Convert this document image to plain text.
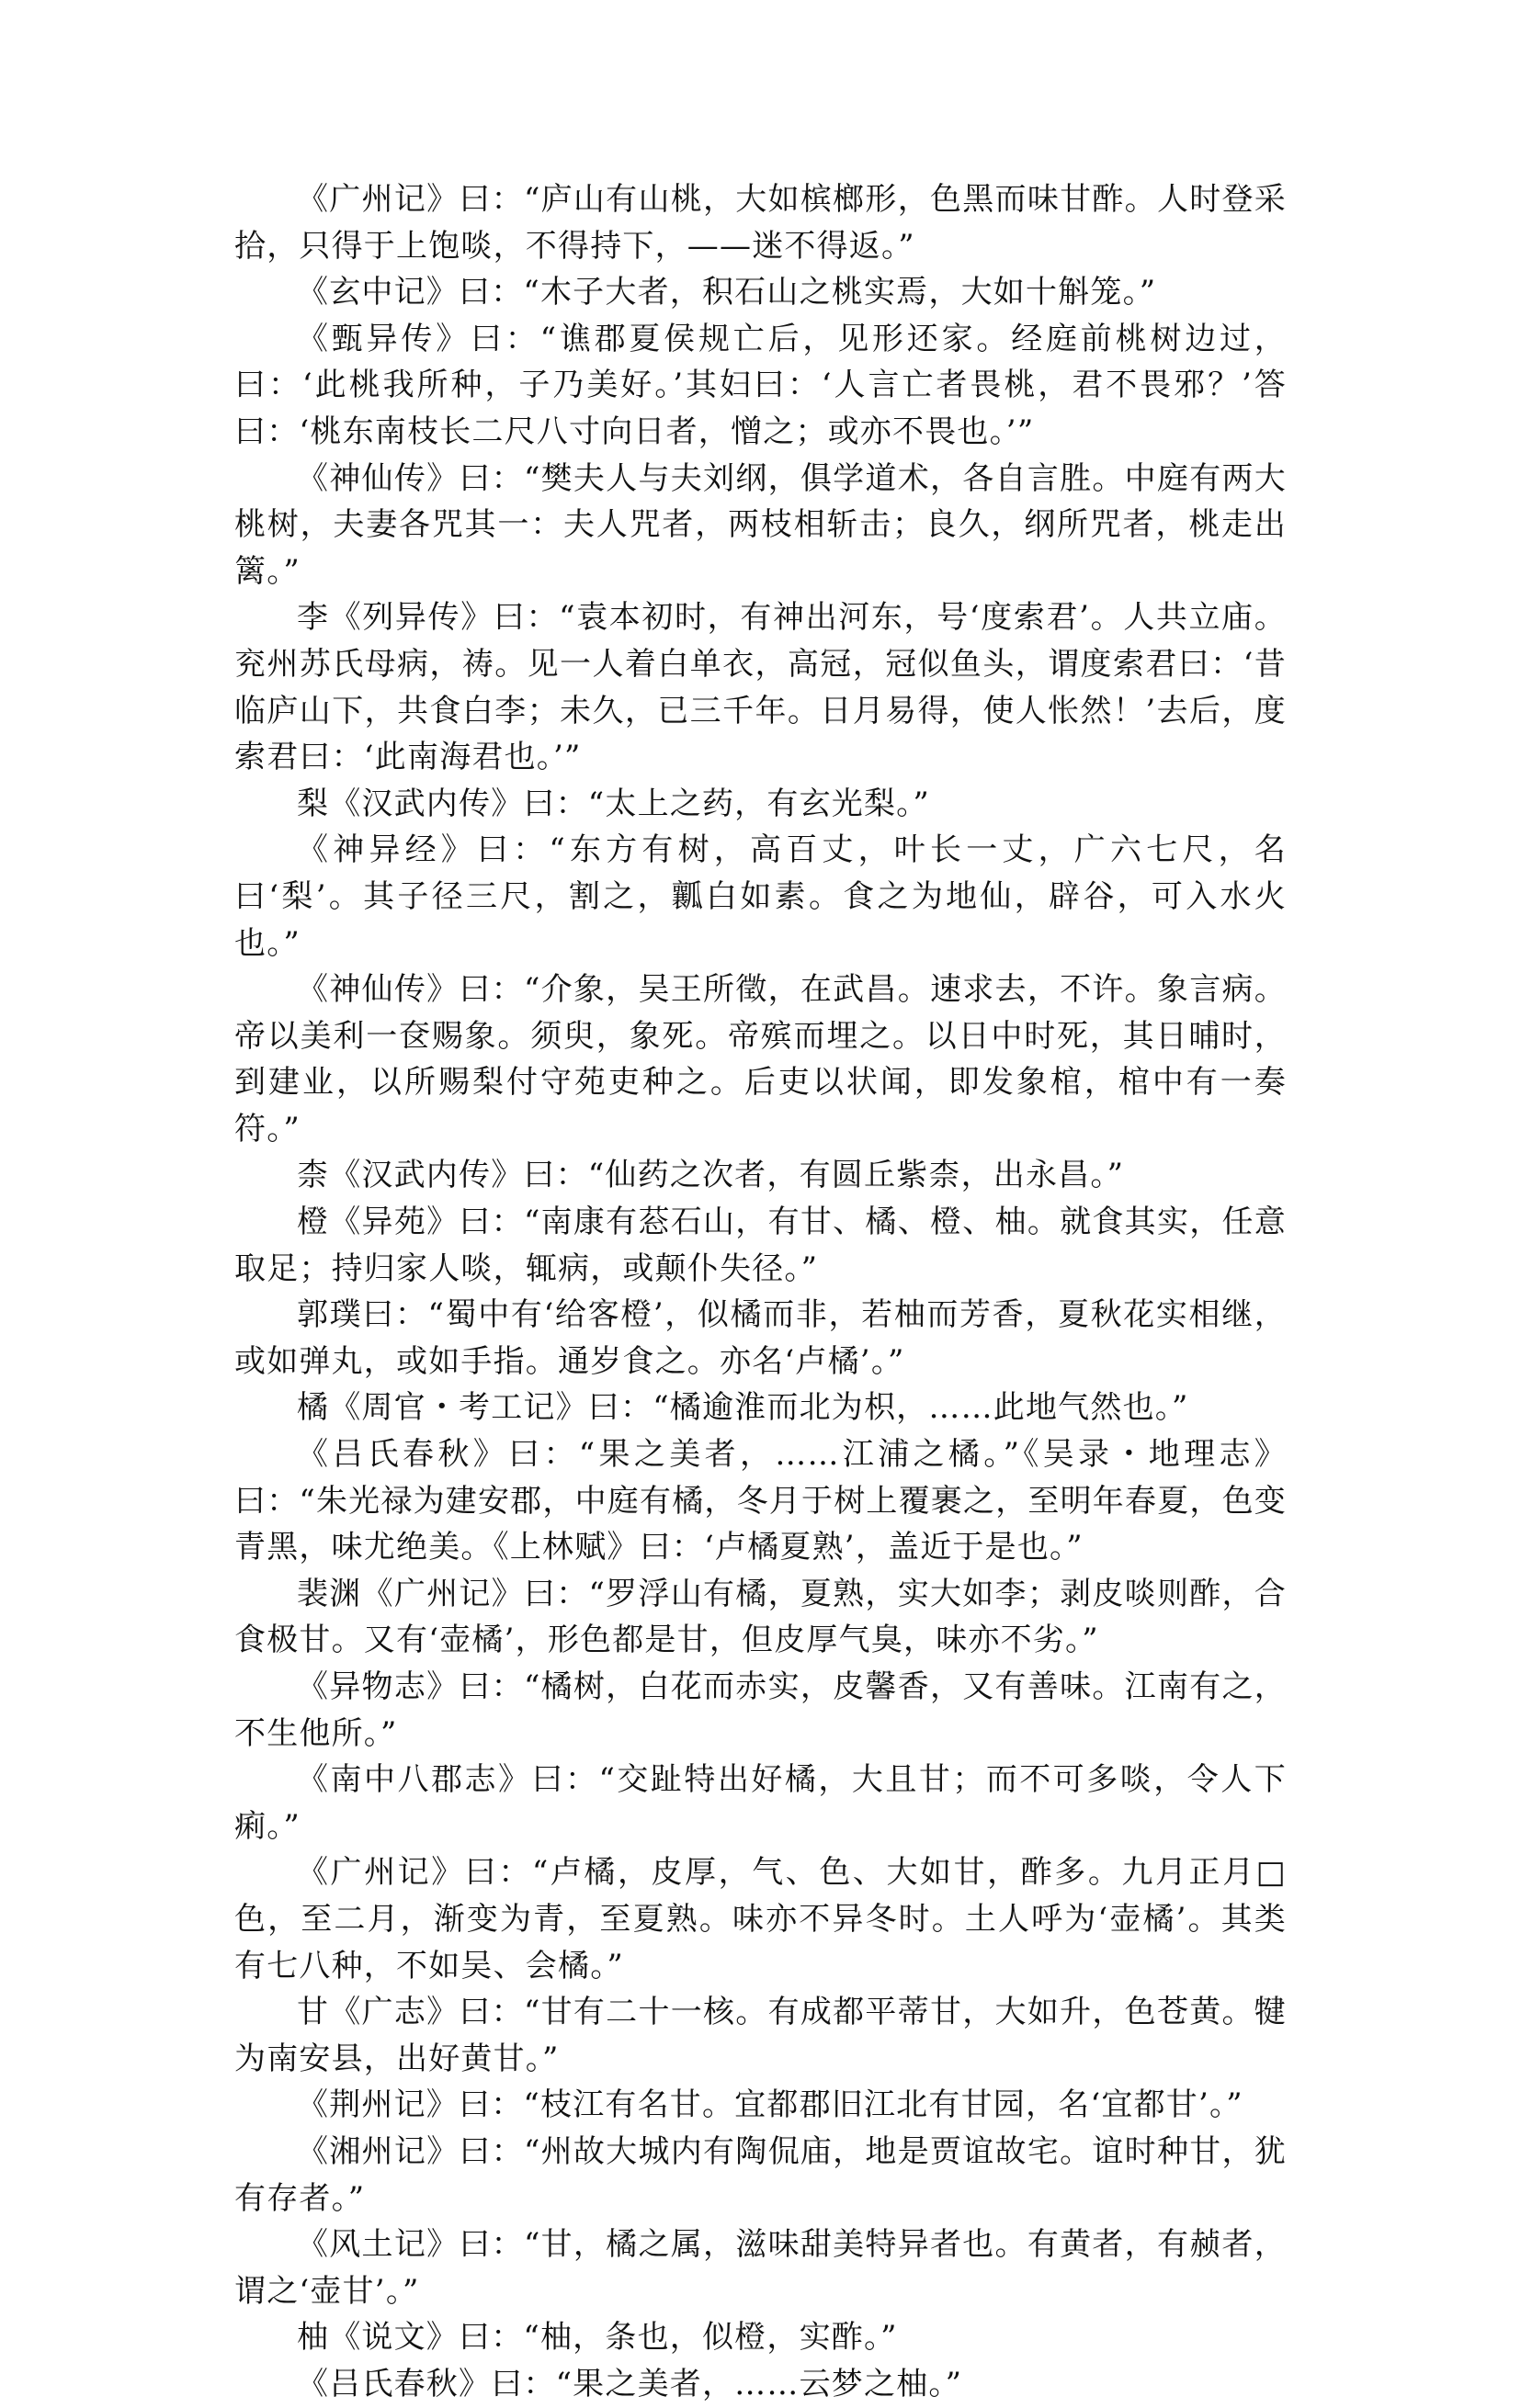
《广州记》曰：“庐山有山桃，大如槟榔形，色黑而味甘酢。人时登采拾，只得于上饱啖，不得持下，——迷不得返。”

《玄中记》曰：“木子大者，积石山之桃实焉，大如十斛笼。”

《甄异传》曰：“谯郡夏侯规亡后，见形还家。经庭前桃树边过，曰：‘此桃我所种，子乃美好。’其妇曰：‘人言亡者畏桃，君不畏邪？’答曰：‘桃东南枝长二尺八寸向日者，憎之；或亦不畏也。’”

《神仙传》曰：“樊夫人与夫刘纲，俱学道术，各自言胜。中庭有两大桃树，夫妻各咒其一：夫人咒者，两枝相斩击；良久，纲所咒者，桃走出篱。”

李《列异传》曰：“袁本初时，有神出河东，号‘度索君’。人共立庙。兖州苏氏母病，祷。见一人着白单衣，高冠，冠似鱼头，谓度索君曰：‘昔临庐山下，共食白李；未久，已三千年。日月易得，使人怅然！’去后，度索君曰：‘此南海君也。’”

梨《汉武内传》曰：“太上之药，有玄光梨。”

《神异经》曰：“东方有树，高百丈，叶长一丈，广六七尺，名曰‘梨’。其子径三尺，割之，瓤白如素。食之为地仙，辟谷，可入水火也。”

《神仙传》曰：“介象，吴王所徵，在武昌。速求去，不许。象言病。帝以美利一奁赐象。须臾，象死。帝殡而埋之。以日中时死，其日晡时，到建业，以所赐梨付守苑吏种之。后吏以状闻，即发象棺，棺中有一奏符。”

柰《汉武内传》曰：“仙药之次者，有圆丘紫柰，出永昌。”

橙《异苑》曰：“南康有䓗石山，有甘、橘、橙、柚。就食其实，任意取足；持归家人啖，辄病，或颠仆失径。”

郭璞曰：“蜀中有‘给客橙’，似橘而非，若柚而芳香，夏秋花实相继，或如弹丸，或如手指。通岁食之。亦名‘卢橘’。”

橘《周官・考工记》曰：“橘逾淮而北为枳，……此地气然也。”

《吕氏春秋》曰：“果之美者，……江浦之橘。”《吴录・地理志》曰：“朱光禄为建安郡，中庭有橘，冬月于树上覆裹之，至明年春夏，色变青黑，味尤绝美。《上林赋》曰：‘卢橘夏熟’，盖近于是也。”

裴渊《广州记》曰：“罗浮山有橘，夏熟，实大如李；剥皮啖则酢，合食极甘。又有‘壶橘’，形色都是甘，但皮厚气臭，味亦不劣。”

《异物志》曰：“橘树，白花而赤实，皮馨香，又有善味。江南有之，不生他所。”

《南中八郡志》曰：“交趾特出好橘，大且甘；而不可多啖，令人下痢。”

《广州记》曰：“卢橘，皮厚，气、色、大如甘，酢多。九月正月□色，至二月，渐变为青，至夏熟。味亦不异冬时。土人呼为‘壶橘’。其类有七八种，不如吴、会橘。”

甘《广志》曰：“甘有二十一核。有成都平蒂甘，大如升，色苍黄。犍为南安县，出好黄甘。”

《荆州记》曰：“枝江有名甘。宜都郡旧江北有甘园，名‘宜都甘’。”

《湘州记》曰：“州故大城内有陶侃庙，地是贾谊故宅。谊时种甘，犹有存者。”

《风土记》曰：“甘，橘之属，滋味甜美特异者也。有黄者，有赪者，谓之‘壶甘’。”

柚《说文》曰：“柚，条也，似橙，实酢。”

《吕氏春秋》曰：“果之美者，……云梦之柚。”
